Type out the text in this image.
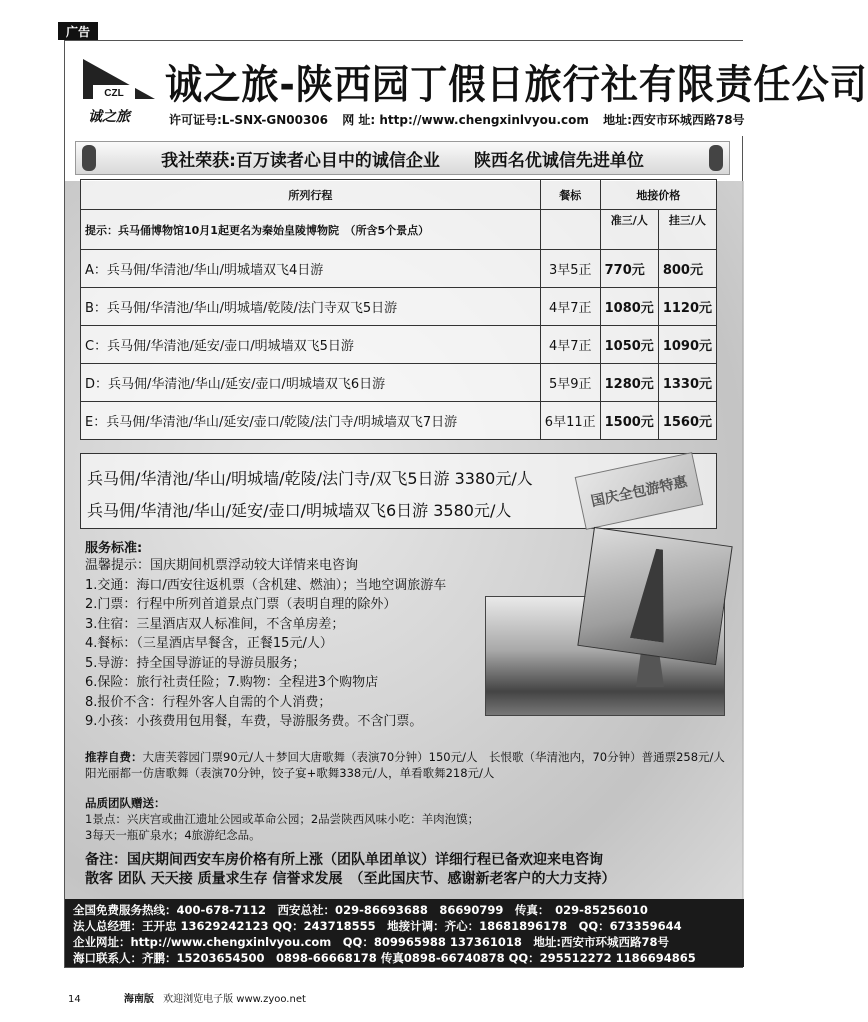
广告
CZL
诚之旅
诚之旅-陕西园丁假日旅行社有限责任公司
许可证号:L-SNX-GN00306 网 址: http://www.chengxinlvyou.com 地址:西安市环城西路78号
我社荣获:百万读者心目中的诚信企业　　陕西名优诚信先进单位
所列行程	餐标	地接价格	
提示：兵马俑博物馆10月1起更名为秦始皇陵博物院　（所含5个景点）		准三/人	挂三/人
A：兵马佣/华清池/华山/明城墙双飞4日游	3早5正	770元	800元
B：兵马佣/华清池/华山/明城墙/乾陵/法门寺双飞5日游	4早7正	1080元	1120元
C：兵马佣/华清池/延安/壶口/明城墙双飞5日游	4早7正	1050元	1090元
D：兵马佣/华清池/华山/延安/壶口/明城墙双飞6日游	5早9正	1280元	1330元
E：兵马佣/华清池/华山/延安/壶口/乾陵/法门寺/明城墙双飞7日游	6早11正	1500元	1560元
兵马佣/华清池/华山/明城墙/乾陵/法门寺/双飞5日游 3380元/人
兵马佣/华清池/华山/延安/壶口/明城墙双飞6日游 3580元/人
国庆全包游特惠
服务标准:
温馨提示：国庆期间机票浮动较大详情来电咨询
1.交通：海口/西安往返机票（含机建、燃油）；当地空调旅游车
2.门票：行程中所列首道景点门票（表明自理的除外）
3.住宿：三星酒店双人标准间，不含单房差；
4.餐标：（三星酒店早餐含，正餐15元/人）
5.导游：持全国导游证的导游员服务；
6.保险：旅行社责任险；7.购物：全程进3个购物店
8.报价不含：行程外客人自需的个人消费；
9.小孩：小孩费用包用餐，车费，导游服务费。不含门票。
推荐自费：大唐芙蓉园门票90元/人＋梦回大唐歌舞（表演70分钟）150元/人　长恨歌（华清池内，70分钟）普通票258元/人　阳光丽都一仿唐歌舞（表演70分钟，饺子宴+歌舞338元/人，单看歌舞218元/人
品质团队赠送：
1景点：兴庆宫或曲江遗址公园或革命公园；2品尝陕西风味小吃：羊肉泡馍；
3每天一瓶矿泉水；4旅游纪念品。
备注：国庆期间西安车房价格有所上涨（团队单团单议）详细行程已备欢迎来电咨询
散客 团队 天天接 质量求生存 信誉求发展　（至此国庆节、感谢新老客户的大力支持）
全国免费服务热线：400-678-7112　西安总社：029-86693688　86690799　传真：　029-85256010
法人总经理：王开忠 13629242123 QQ：243718555　地接计调：齐心：18681896178　QQ：673359644
企业网址：http://www.chengxinlvyou.com　QQ：809965988 137361018　地址:西安市环城西路78号
海口联系人：齐鹏：15203654500　0898-66668178 传真0898-66740878 QQ：295512272 1186694865
14	海南版 欢迎浏览电子版 www.zyoo.net
